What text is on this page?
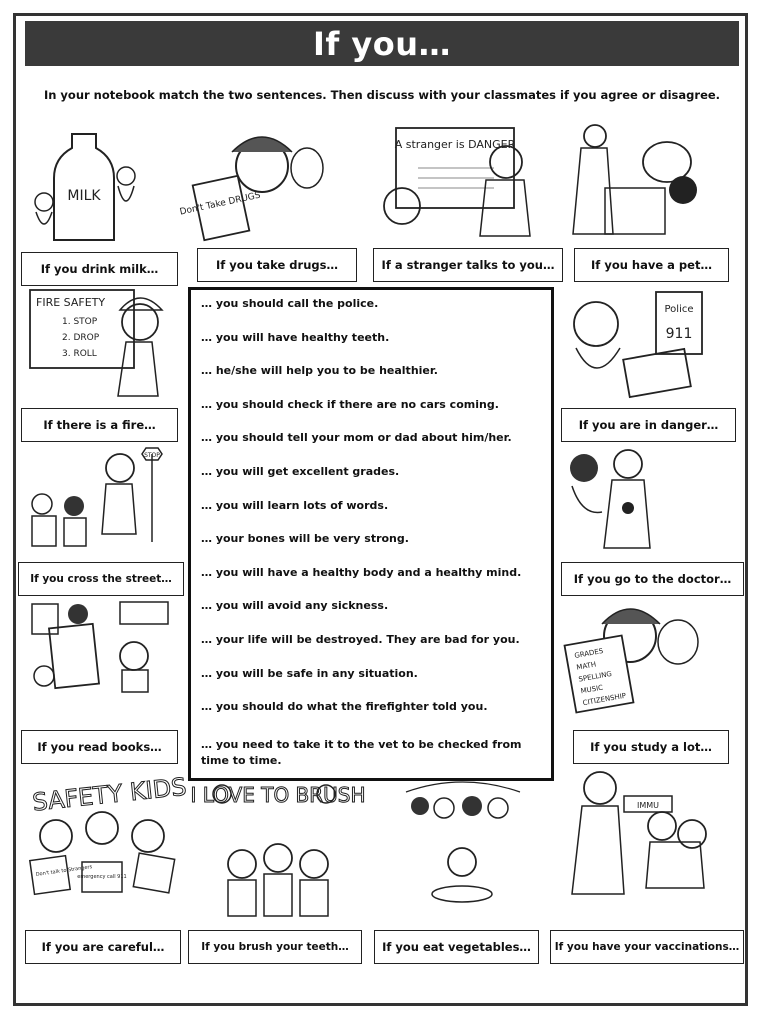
If you…
In your notebook match the two sentences. Then discuss with your classmates if you agree or disagree.
MILK	Don't Take DRUGS
A stranger is DANGER
If you drink milk…	If you take drugs…	If a stranger talks to you…	If you have a pet…
FIRE SAFETY
1. STOP
2. DROP
3. ROLL
Police
911
If there is a fire…	If you are in danger…
STOP
If you cross the street…	If you go to the doctor…
GRADES
MATH
SPELLING
MUSIC
CITIZENSHIP
If you read books…	If you study a lot…
SAFETY KIDS
Don't talk to Strangers
emergency call 911
I LOVE TO BRUSH	IMMU
If you are careful…	If you brush your teeth…	If you eat vegetables…	If you have your vaccinations…
… you should call the police.
… you will have healthy teeth.
… he/she will help you to be healthier.
… you should check if there are no cars coming.
… you should tell your mom or dad about him/her.
… you will get excellent grades.
… you will learn lots of words.
… your bones will be very strong.
… you will have a healthy body and a healthy mind.
… you will avoid any sickness.
… your life will be destroyed. They are bad for you.
… you will be safe in any situation.
… you should do what the firefighter told you.
… you need to take it to the vet to be checked from time to time.
